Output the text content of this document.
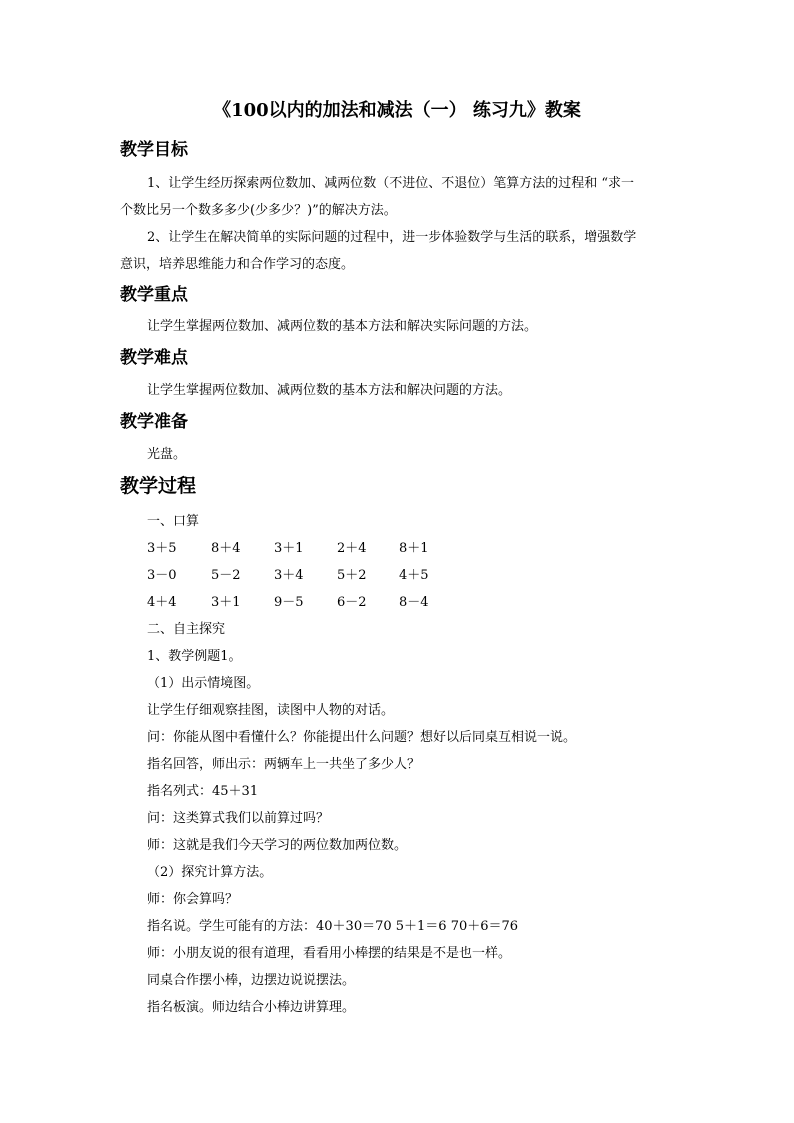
《100以内的加法和减法（一） 练习九》教案
教学目标
1、让学生经历探索两位数加、减两位数（不进位、不退位）笔算方法的过程和 “求一
个数比另一个数多多少(少多少？)”的解决方法。
2、让学生在解决简单的实际问题的过程中，进一步体验数学与生活的联系，增强数学
意识，培养思维能力和合作学习的态度。
教学重点
让学生掌握两位数加、减两位数的基本方法和解决实际问题的方法。
教学难点
让学生掌握两位数加、减两位数的基本方法和解决问题的方法。
教学准备
光盘。
教学过程
一、口算
3＋5	8＋4	3＋1	2＋4 8＋1
3－0	5－2	3＋4	5＋2 4＋5
4＋4	3＋1	9－5	6－2 8－4
二、自主探究
1、教学例题1。
（1）出示情境图。
让学生仔细观察挂图，读图中人物的对话。
问：你能从图中看懂什么？你能提出什么问题？想好以后同桌互相说一说。
指名回答，师出示：两辆车上一共坐了多少人？
指名列式：45＋31
问：这类算式我们以前算过吗？
师：这就是我们今天学习的两位数加两位数。
（2）探究计算方法。
师：你会算吗？
指名说。学生可能有的方法：40＋30＝70 5＋1＝6 70＋6＝76
师：小朋友说的很有道理，看看用小棒摆的结果是不是也一样。
同桌合作摆小棒，边摆边说说摆法。
指名板演。师边结合小棒边讲算理。
